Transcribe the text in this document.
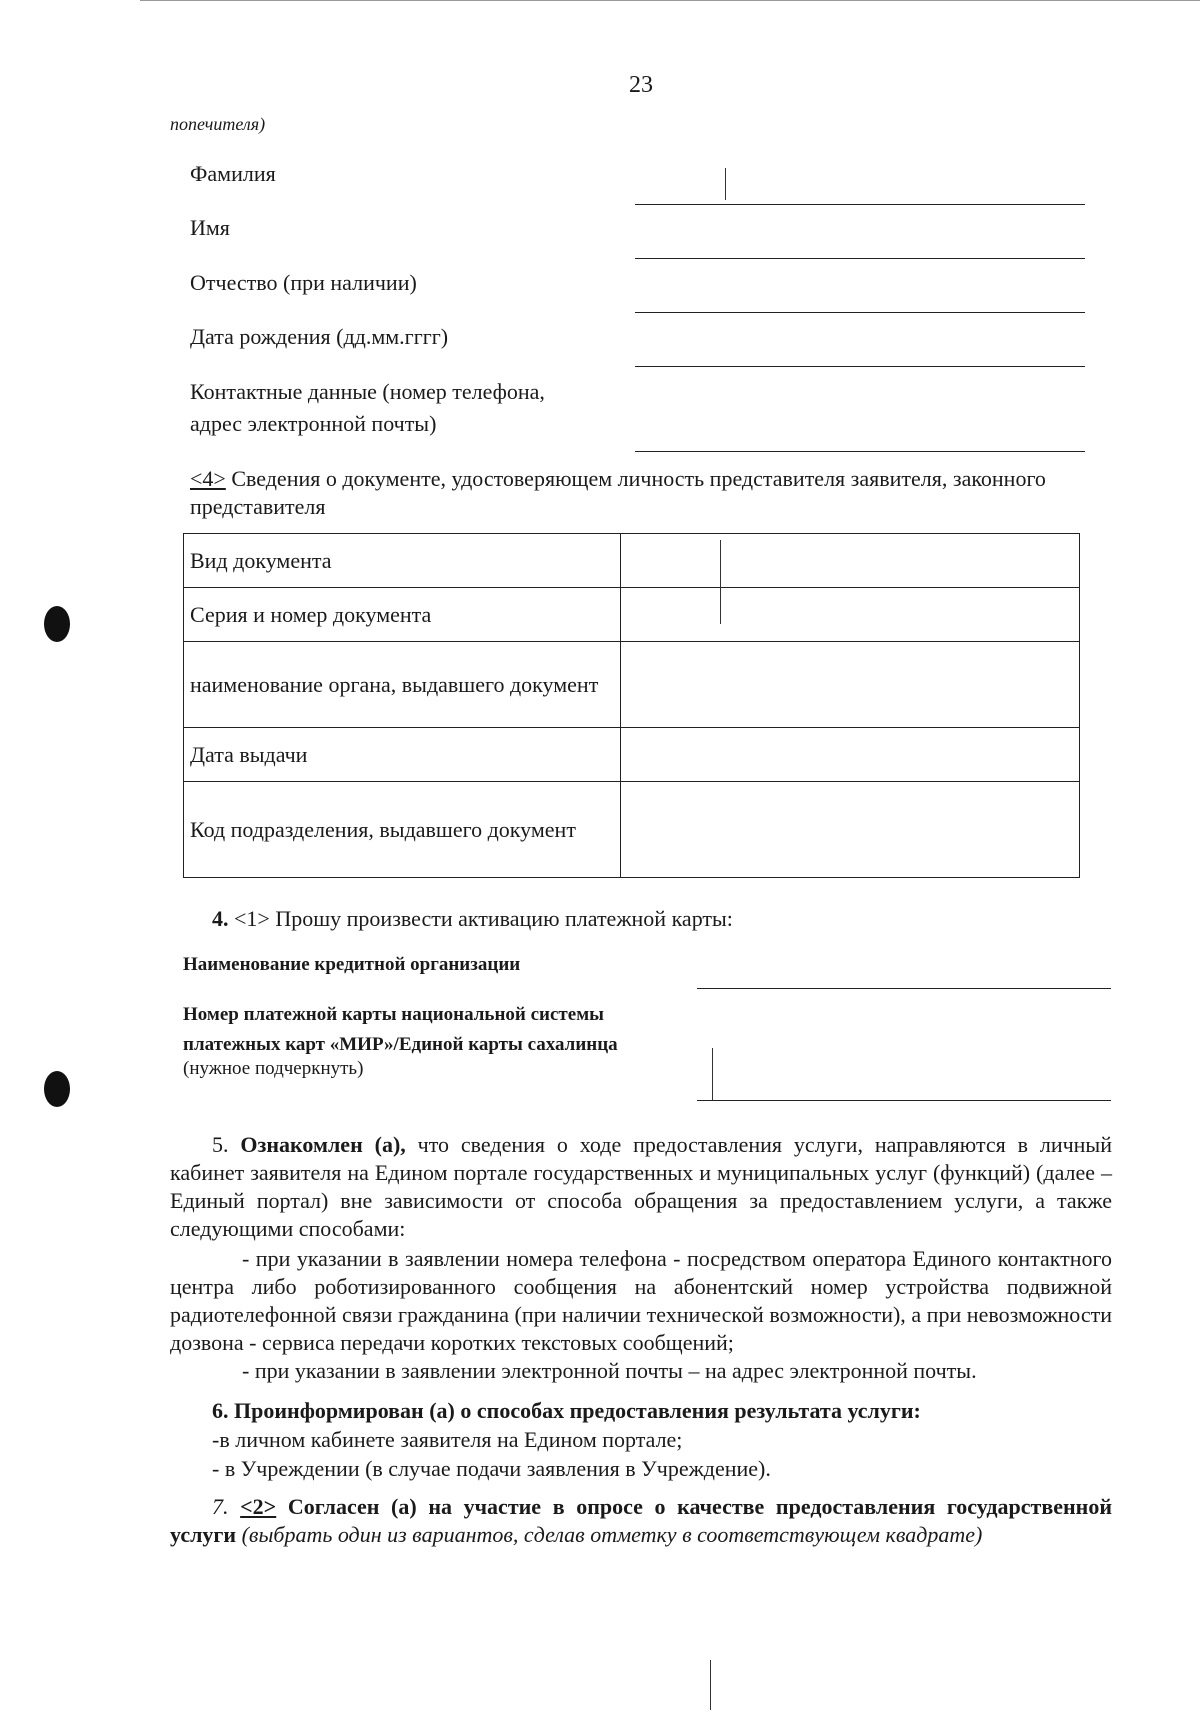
23
попечителя)
Фамилия
Имя
Отчество (при наличии)
Дата рождения (дд.мм.гггг)
Контактные данные (номер телефона,
адрес электронной почты)
<4> Сведения о документе, удостоверяющем личность представителя заявителя, законного представителя
Вид документа	
Серия и номер документа	
наименование органа, выдавшего документ	
Дата выдачи	
Код подразделения, выдавшего документ	
4. <1> Прошу произвести активацию платежной карты:
Наименование кредитной организации
Номер платежной карты национальной системы
платежных карт «МИР»/Единой карты сахалинца
(нужное подчеркнуть)
5. Ознакомлен (а), что сведения о ходе предоставления услуги, направляются в личный кабинет заявителя на Едином портале государственных и муниципальных услуг (функций) (далее – Единый портал) вне зависимости от способа обращения за предоставлением услуги, а также следующими способами:
- при указании в заявлении номера телефона - посредством оператора Единого контактного центра либо роботизированного сообщения на абонентский номер устройства подвижной радиотелефонной связи гражданина (при наличии технической возможности), а при невозможности дозвона - сервиса передачи коротких текстовых сообщений;
- при указании в заявлении электронной почты – на адрес электронной почты.
6. Проинформирован (а) о способах предоставления результата услуги:
-в личном кабинете заявителя на Едином портале;
- в Учреждении (в случае подачи заявления в Учреждение).
7. <2> Согласен (а) на участие в опросе о качестве предоставления государственной услуги (выбрать один из вариантов, сделав отметку в соответствующем квадрате)
